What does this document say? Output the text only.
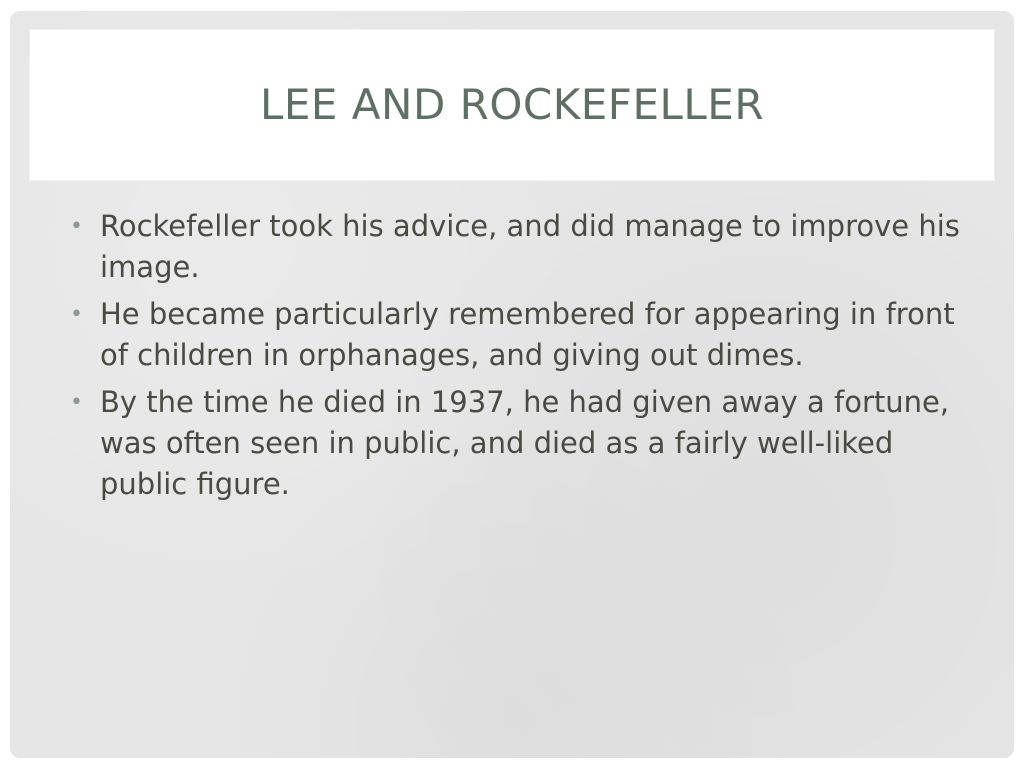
LEE AND ROCKEFELLER
• Rockefeller took his advice, and did manage to improve his image.
• He became particularly remembered for appearing in front of children in orphanages, and giving out dimes.
• By the time he died in 1937, he had given away a fortune, was often seen in public, and died as a fairly well-liked public figure.
